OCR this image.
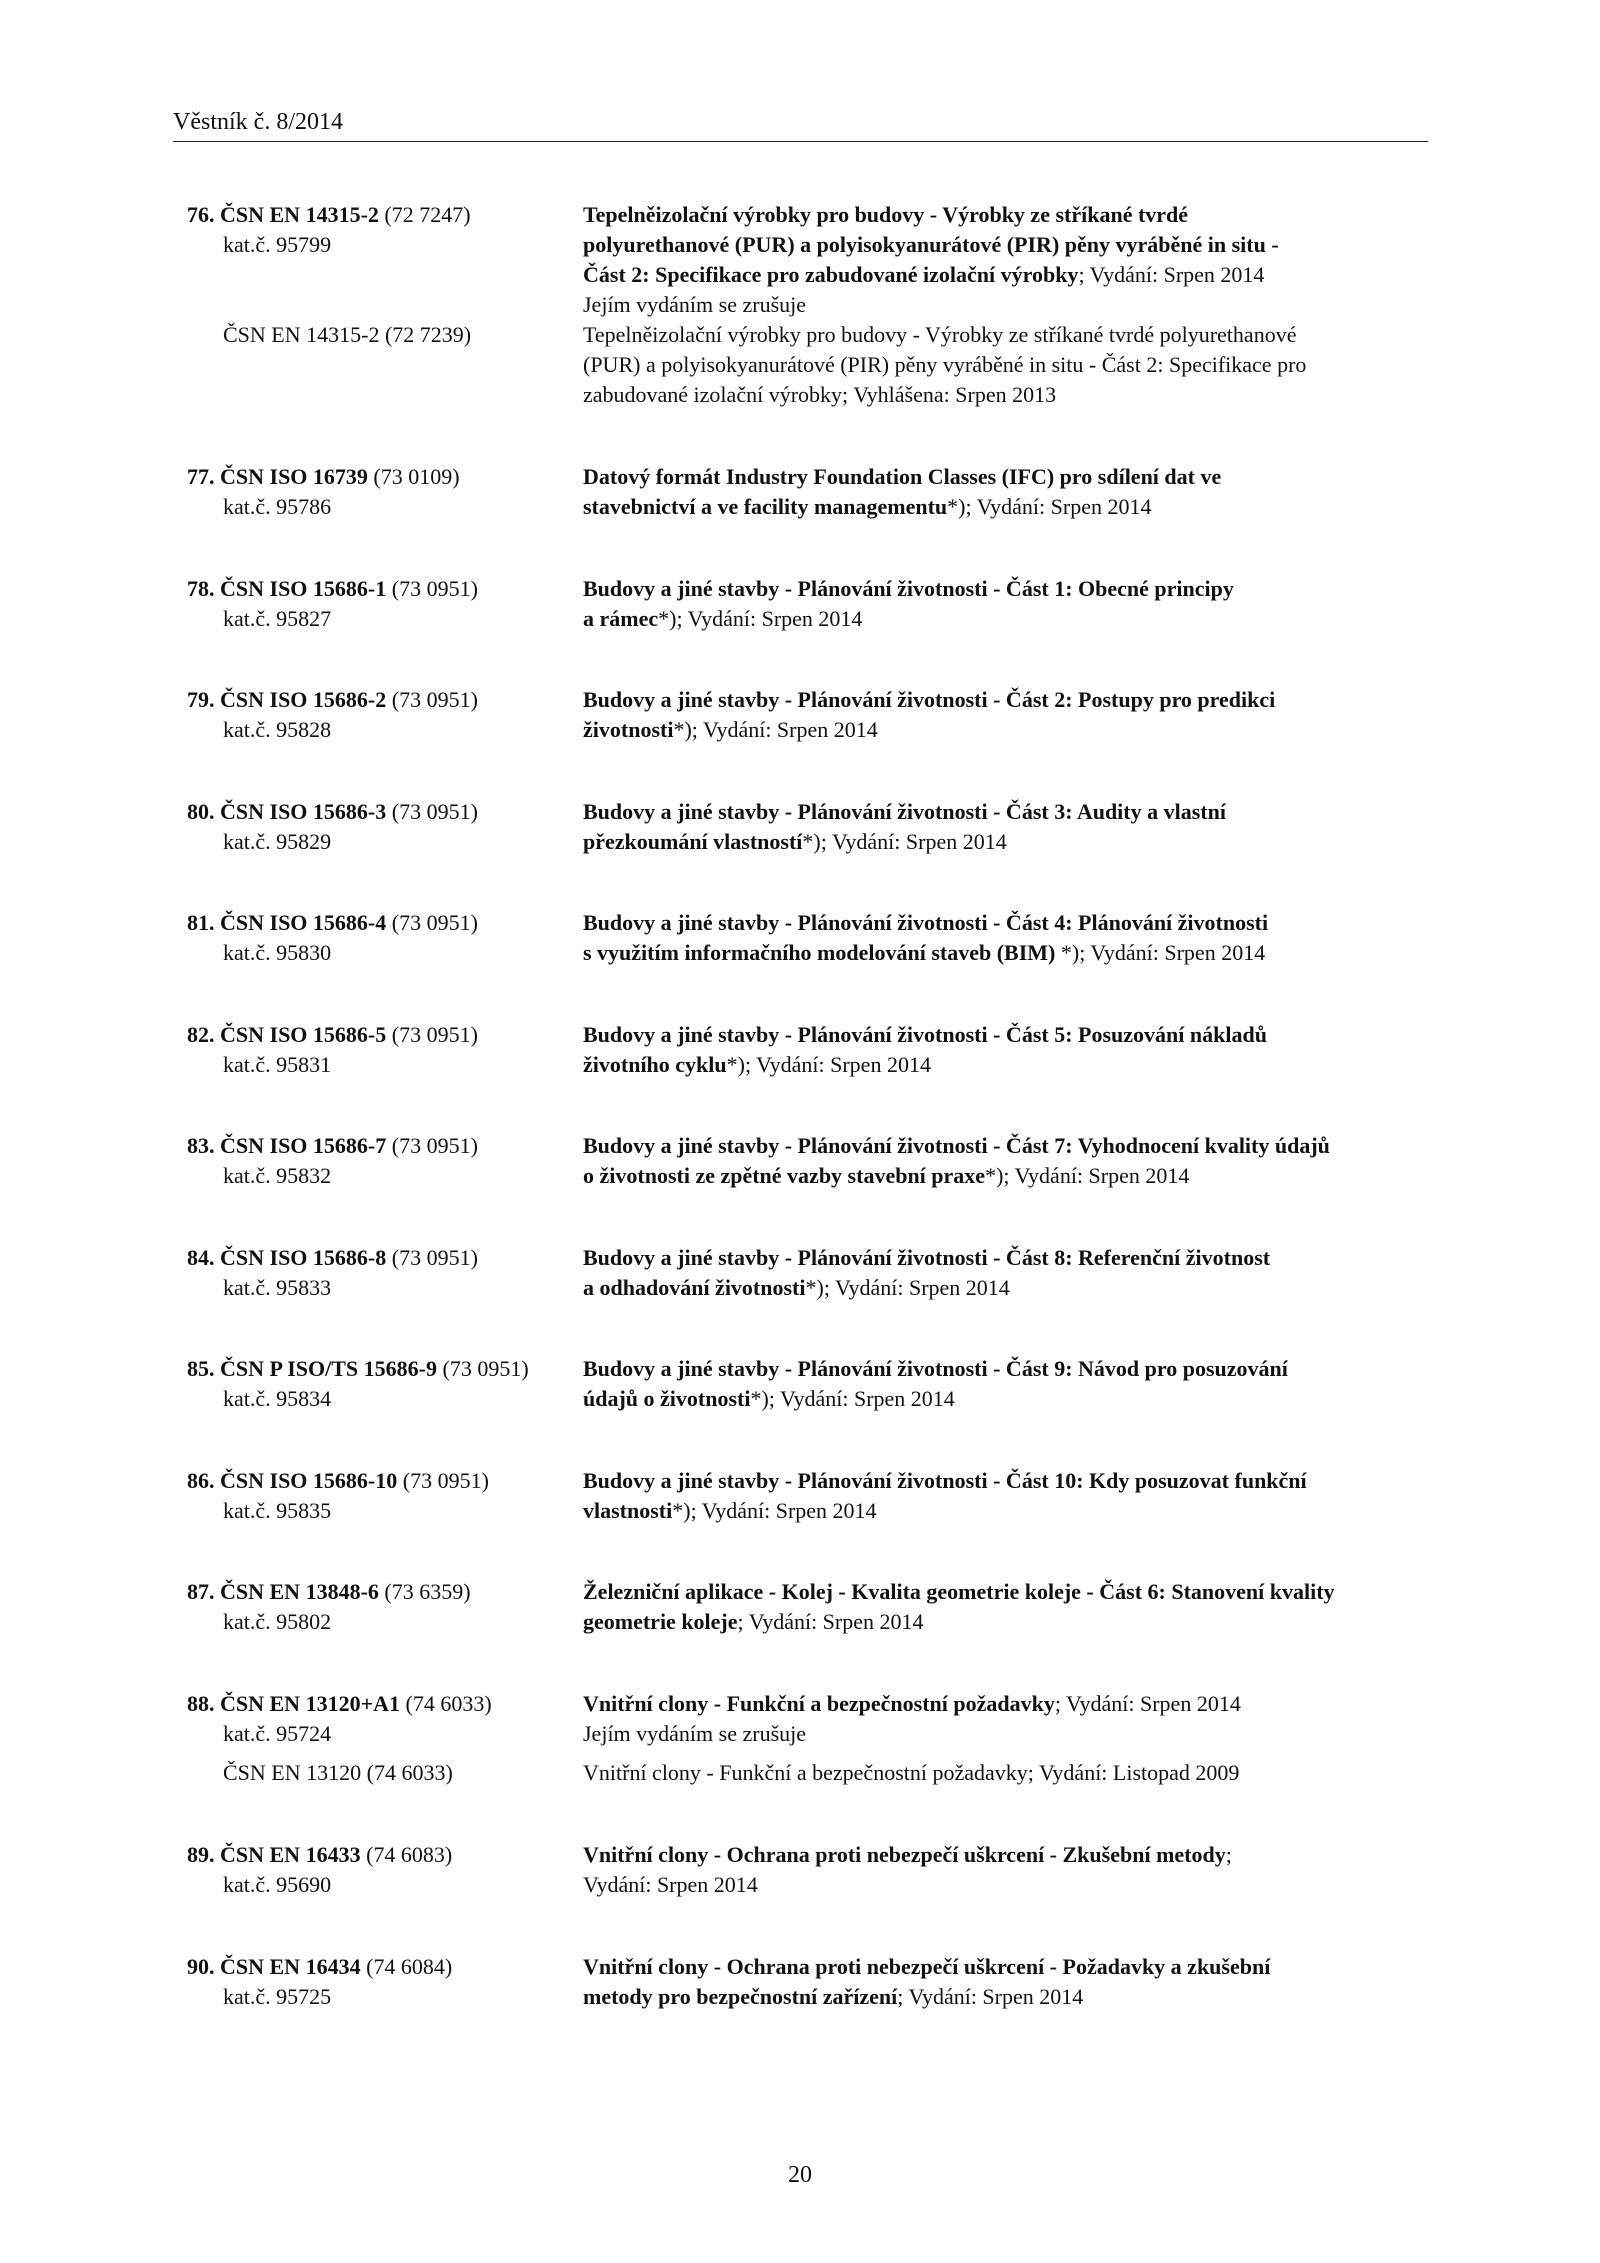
Věstník č. 8/2014
76. ČSN EN 14315-2 (72 7247)
kat.č. 95799
Tepelněizolační výrobky pro budovy - Výrobky ze stříkané tvrdé
polyurethanové (PUR) a polyisokyanurátové (PIR) pěny vyráběné in situ -
Část 2: Specifikace pro zabudované izolační výrobky; Vydání: Srpen 2014
Jejím vydáním se zrušuje
ČSN EN 14315-2 (72 7239)	Tepelněizolační výrobky pro budovy - Výrobky ze stříkané tvrdé polyurethanové
(PUR) a polyisokyanurátové (PIR) pěny vyráběné in situ - Část 2: Specifikace pro
zabudované izolační výrobky; Vyhlášena: Srpen 2013
77. ČSN ISO 16739 (73 0109)
kat.č. 95786
Datový formát Industry Foundation Classes (IFC) pro sdílení dat ve
stavebnictví a ve facility managementu*); Vydání: Srpen 2014
78. ČSN ISO 15686-1 (73 0951)
kat.č. 95827
Budovy a jiné stavby - Plánování životnosti - Část 1: Obecné principy
a rámec*); Vydání: Srpen 2014
79. ČSN ISO 15686-2 (73 0951)
kat.č. 95828
Budovy a jiné stavby - Plánování životnosti - Část 2: Postupy pro predikci
životnosti*); Vydání: Srpen 2014
80. ČSN ISO 15686-3 (73 0951)
kat.č. 95829
Budovy a jiné stavby - Plánování životnosti - Část 3: Audity a vlastní
přezkoumání vlastností*); Vydání: Srpen 2014
81. ČSN ISO 15686-4 (73 0951)
kat.č. 95830
Budovy a jiné stavby - Plánování životnosti - Část 4: Plánování životnosti
s využitím informačního modelování staveb (BIM) *); Vydání: Srpen 2014
82. ČSN ISO 15686-5 (73 0951)
kat.č. 95831
Budovy a jiné stavby - Plánování životnosti - Část 5: Posuzování nákladů
životního cyklu*); Vydání: Srpen 2014
83. ČSN ISO 15686-7 (73 0951)
kat.č. 95832
Budovy a jiné stavby - Plánování životnosti - Část 7: Vyhodnocení kvality údajů
o životnosti ze zpětné vazby stavební praxe*); Vydání: Srpen 2014
84. ČSN ISO 15686-8 (73 0951)
kat.č. 95833
Budovy a jiné stavby - Plánování životnosti - Část 8: Referenční životnost
a odhadování životnosti*); Vydání: Srpen 2014
85. ČSN P ISO/TS 15686-9 (73 0951)
kat.č. 95834
Budovy a jiné stavby - Plánování životnosti - Část 9: Návod pro posuzování
údajů o životnosti*); Vydání: Srpen 2014
86. ČSN ISO 15686-10 (73 0951)
kat.č. 95835
Budovy a jiné stavby - Plánování životnosti - Část 10: Kdy posuzovat funkční
vlastnosti*); Vydání: Srpen 2014
87. ČSN EN 13848-6 (73 6359)
kat.č. 95802
Železniční aplikace - Kolej - Kvalita geometrie koleje - Část 6: Stanovení kvality
geometrie koleje; Vydání: Srpen 2014
88. ČSN EN 13120+A1 (74 6033)
kat.č. 95724
Vnitřní clony - Funkční a bezpečnostní požadavky; Vydání: Srpen 2014
Jejím vydáním se zrušuje
ČSN EN 13120 (74 6033)	Vnitřní clony - Funkční a bezpečnostní požadavky; Vydání: Listopad 2009
89. ČSN EN 16433 (74 6083)
kat.č. 95690
Vnitřní clony - Ochrana proti nebezpečí uškrcení - Zkušební metody;
Vydání: Srpen 2014
90. ČSN EN 16434 (74 6084)
kat.č. 95725
Vnitřní clony - Ochrana proti nebezpečí uškrcení - Požadavky a zkušební
metody pro bezpečnostní zařízení; Vydání: Srpen 2014
20
